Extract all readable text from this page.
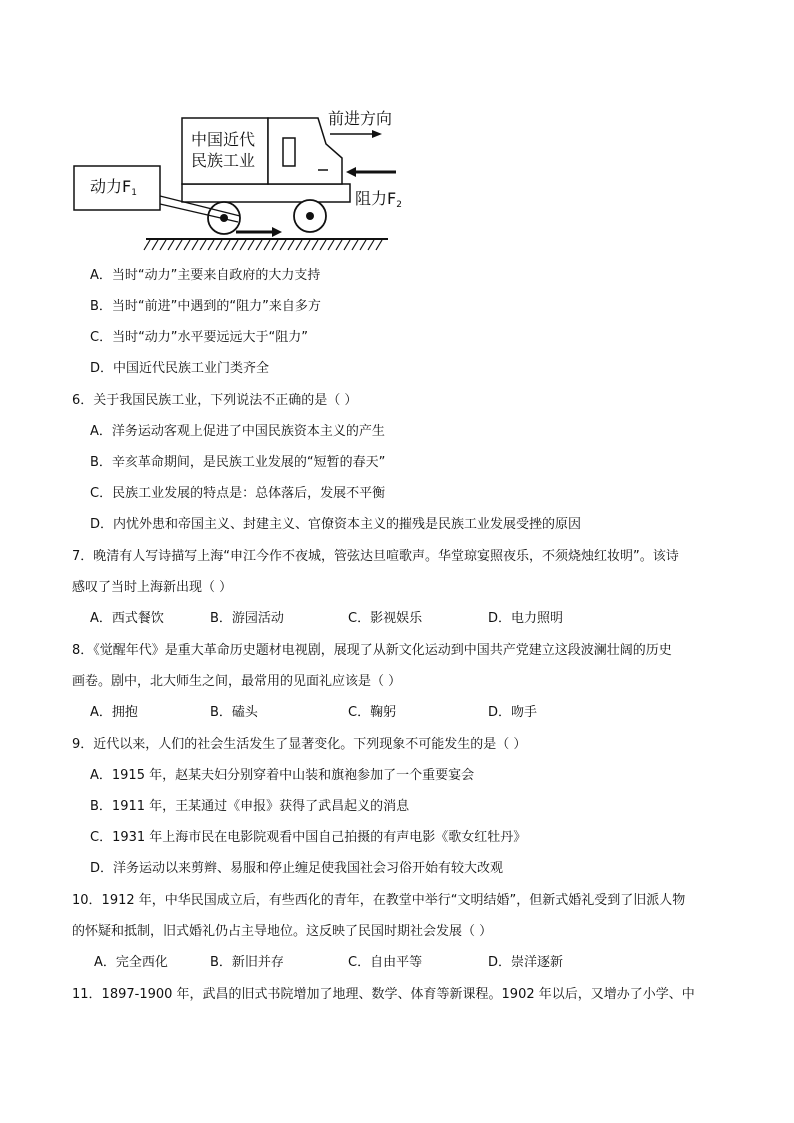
中国近代
民族工业
前进方向
动力$F_1$	阻力$F_2$
A．当时“动力”主要来自政府的大力支持
B．当时“前进”中遇到的“阻力”来自多方
C．当时“动力”水平要远远大于“阻力”
D．中国近代民族工业门类齐全
6．关于我国民族工业，下列说法不正确的是（ ）
A．洋务运动客观上促进了中国民族资本主义的产生
B．辛亥革命期间，是民族工业发展的“短暂的春天”
C．民族工业发展的特点是：总体落后，发展不平衡
D．内忧外患和帝国主义、封建主义、官僚资本主义的摧残是民族工业发展受挫的原因
7．晚清有人写诗描写上海“申江今作不夜城，管弦达旦喧歌声。华堂琼宴照夜乐，不须烧烛红妆明”。该诗
感叹了当时上海新出现（ ）
A．西式餐饮	B．游园活动	C．影视娱乐	D．电力照明
8．《觉醒年代》是重大革命历史题材电视剧，展现了从新文化运动到中国共产党建立这段波澜壮阔的历史
画卷。剧中，北大师生之间，最常用的见面礼应该是（ ）
A．拥抱	B．磕头	C．鞠躬	D．吻手
9．近代以来，人们的社会生活发生了显著变化。下列现象不可能发生的是（ ）
A．1915 年，赵某夫妇分别穿着中山装和旗袍参加了一个重要宴会
B．1911 年，王某通过《申报》获得了武昌起义的消息
C．1931 年上海市民在电影院观看中国自己拍摄的有声电影《歌女红牡丹》
D．洋务运动以来剪辫、易服和停止缠足使我国社会习俗开始有较大改观
10．1912 年，中华民国成立后，有些西化的青年，在教堂中举行“文明结婚”，但新式婚礼受到了旧派人物
的怀疑和抵制，旧式婚礼仍占主导地位。这反映了民国时期社会发展（ ）
A．完全西化	B．新旧并存	C．自由平等	D．崇洋逐新
11．1897-1900 年，武昌的旧式书院增加了地理、数学、体育等新课程。1902 年以后，又增办了小学、中
